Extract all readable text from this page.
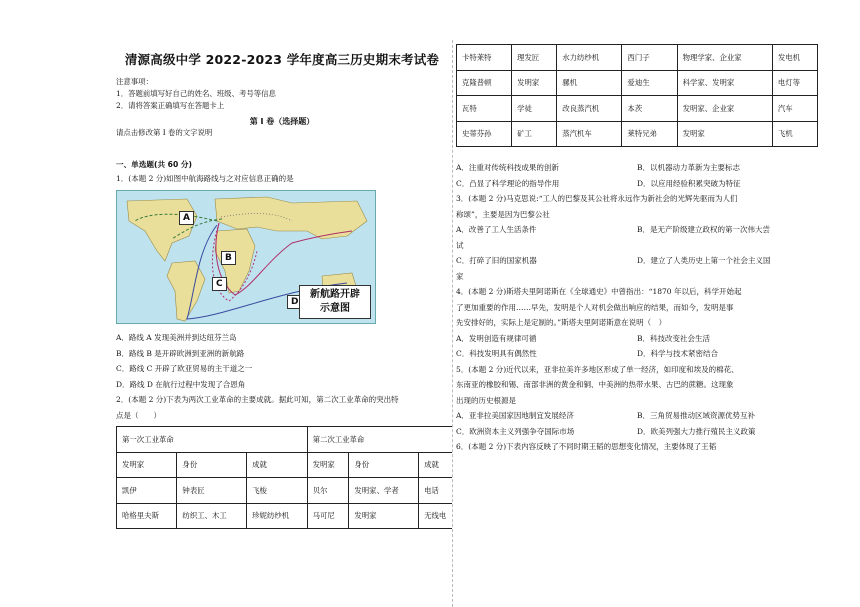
清源高级中学 2022-2023 学年度高三历史期末考试卷
注意事项：
1．答题前填写好自己的姓名、班级、考号等信息
2．请将答案正确填写在答题卡上
第 I 卷（选择题）
请点击修改第 I 卷的文字说明
一、单选题(共 60 分)
1．(本题 2 分)如图中航海路线与之对应信息正确的是
A
B
C
D
新航路开辟
示意图
A．路线 A 发现美洲并到达纽芬兰岛
B．路线 B 是开辟欧洲到亚洲的新航路
C．路线 C 开辟了欧亚贸易的主干道之一
D．路线 D 在航行过程中发现了合恩角
2．(本题 2 分)下表为两次工业革命的主要成就。据此可知，第二次工业革命的突出特
点是（　　）
第一次工业革命			第二次工业革命		
发明家	身份	成就	发明家	身份	成就
凯伊	钟表匠	飞梭	贝尔	发明家、学者	电话
哈格里夫斯	纺织工、木工	珍妮纺纱机	马可尼	发明家	无线电
卡特莱特	理发匠	水力纺纱机	西门子	物理学家、企业家	发电机
克隆普顿	发明家	骡机	爱迪生	科学家、发明家	电灯等
瓦特	学徒	改良蒸汽机	本茨	发明家、企业家	汽车
史蒂芬孙	矿工	蒸汽机车	莱特兄弟	发明家	飞机
A．注重对传统科技成果的创新	B．以机器动力革新为主要标志
C．凸显了科学理论的指导作用	D．以应用经验积累突破为特征
3．(本题 2 分)马克思说:“工人的巴黎及其公社将永远作为新社会的光辉先驱而为人们
称颂”，主要是因为巴黎公社
A．改善了工人生活条件	B．是无产阶级建立政权的第一次伟大尝
试
C．打碎了旧的国家机器	D．建立了人类历史上第一个社会主义国
家
4．(本题 2 分)斯塔夫里阿诺斯在《全球通史》中曾指出：“1870 年以后，科学开始起
了更加重要的作用……早先，发明是个人对机会做出响应的结果，而如今，发明是事
先安排好的，实际上是定制的。”斯塔夫里阿诺斯意在说明（　）
A．发明创造有规律可循	B．科技改变社会生活
C．科技发明具有偶然性	D．科学与技术紧密结合
5．(本题 2 分)近代以来，亚非拉美许多地区形成了单一经济，如印度和埃及的棉花、
东南亚的橡胶和锡、南部非洲的黄金和铜、中美洲的热带水果、古巴的蔗糖。这现象
出现的历史根源是
A．亚非拉美国家因地制宜发展经济	B．三角贸易推动区域资源优势互补
C．欧洲资本主义列强争夺国际市场	D．欧美列强大力推行殖民主义政策
6．(本题 2 分)下表内容反映了不同时期王韬的思想变化情况，主要体现了王韬
